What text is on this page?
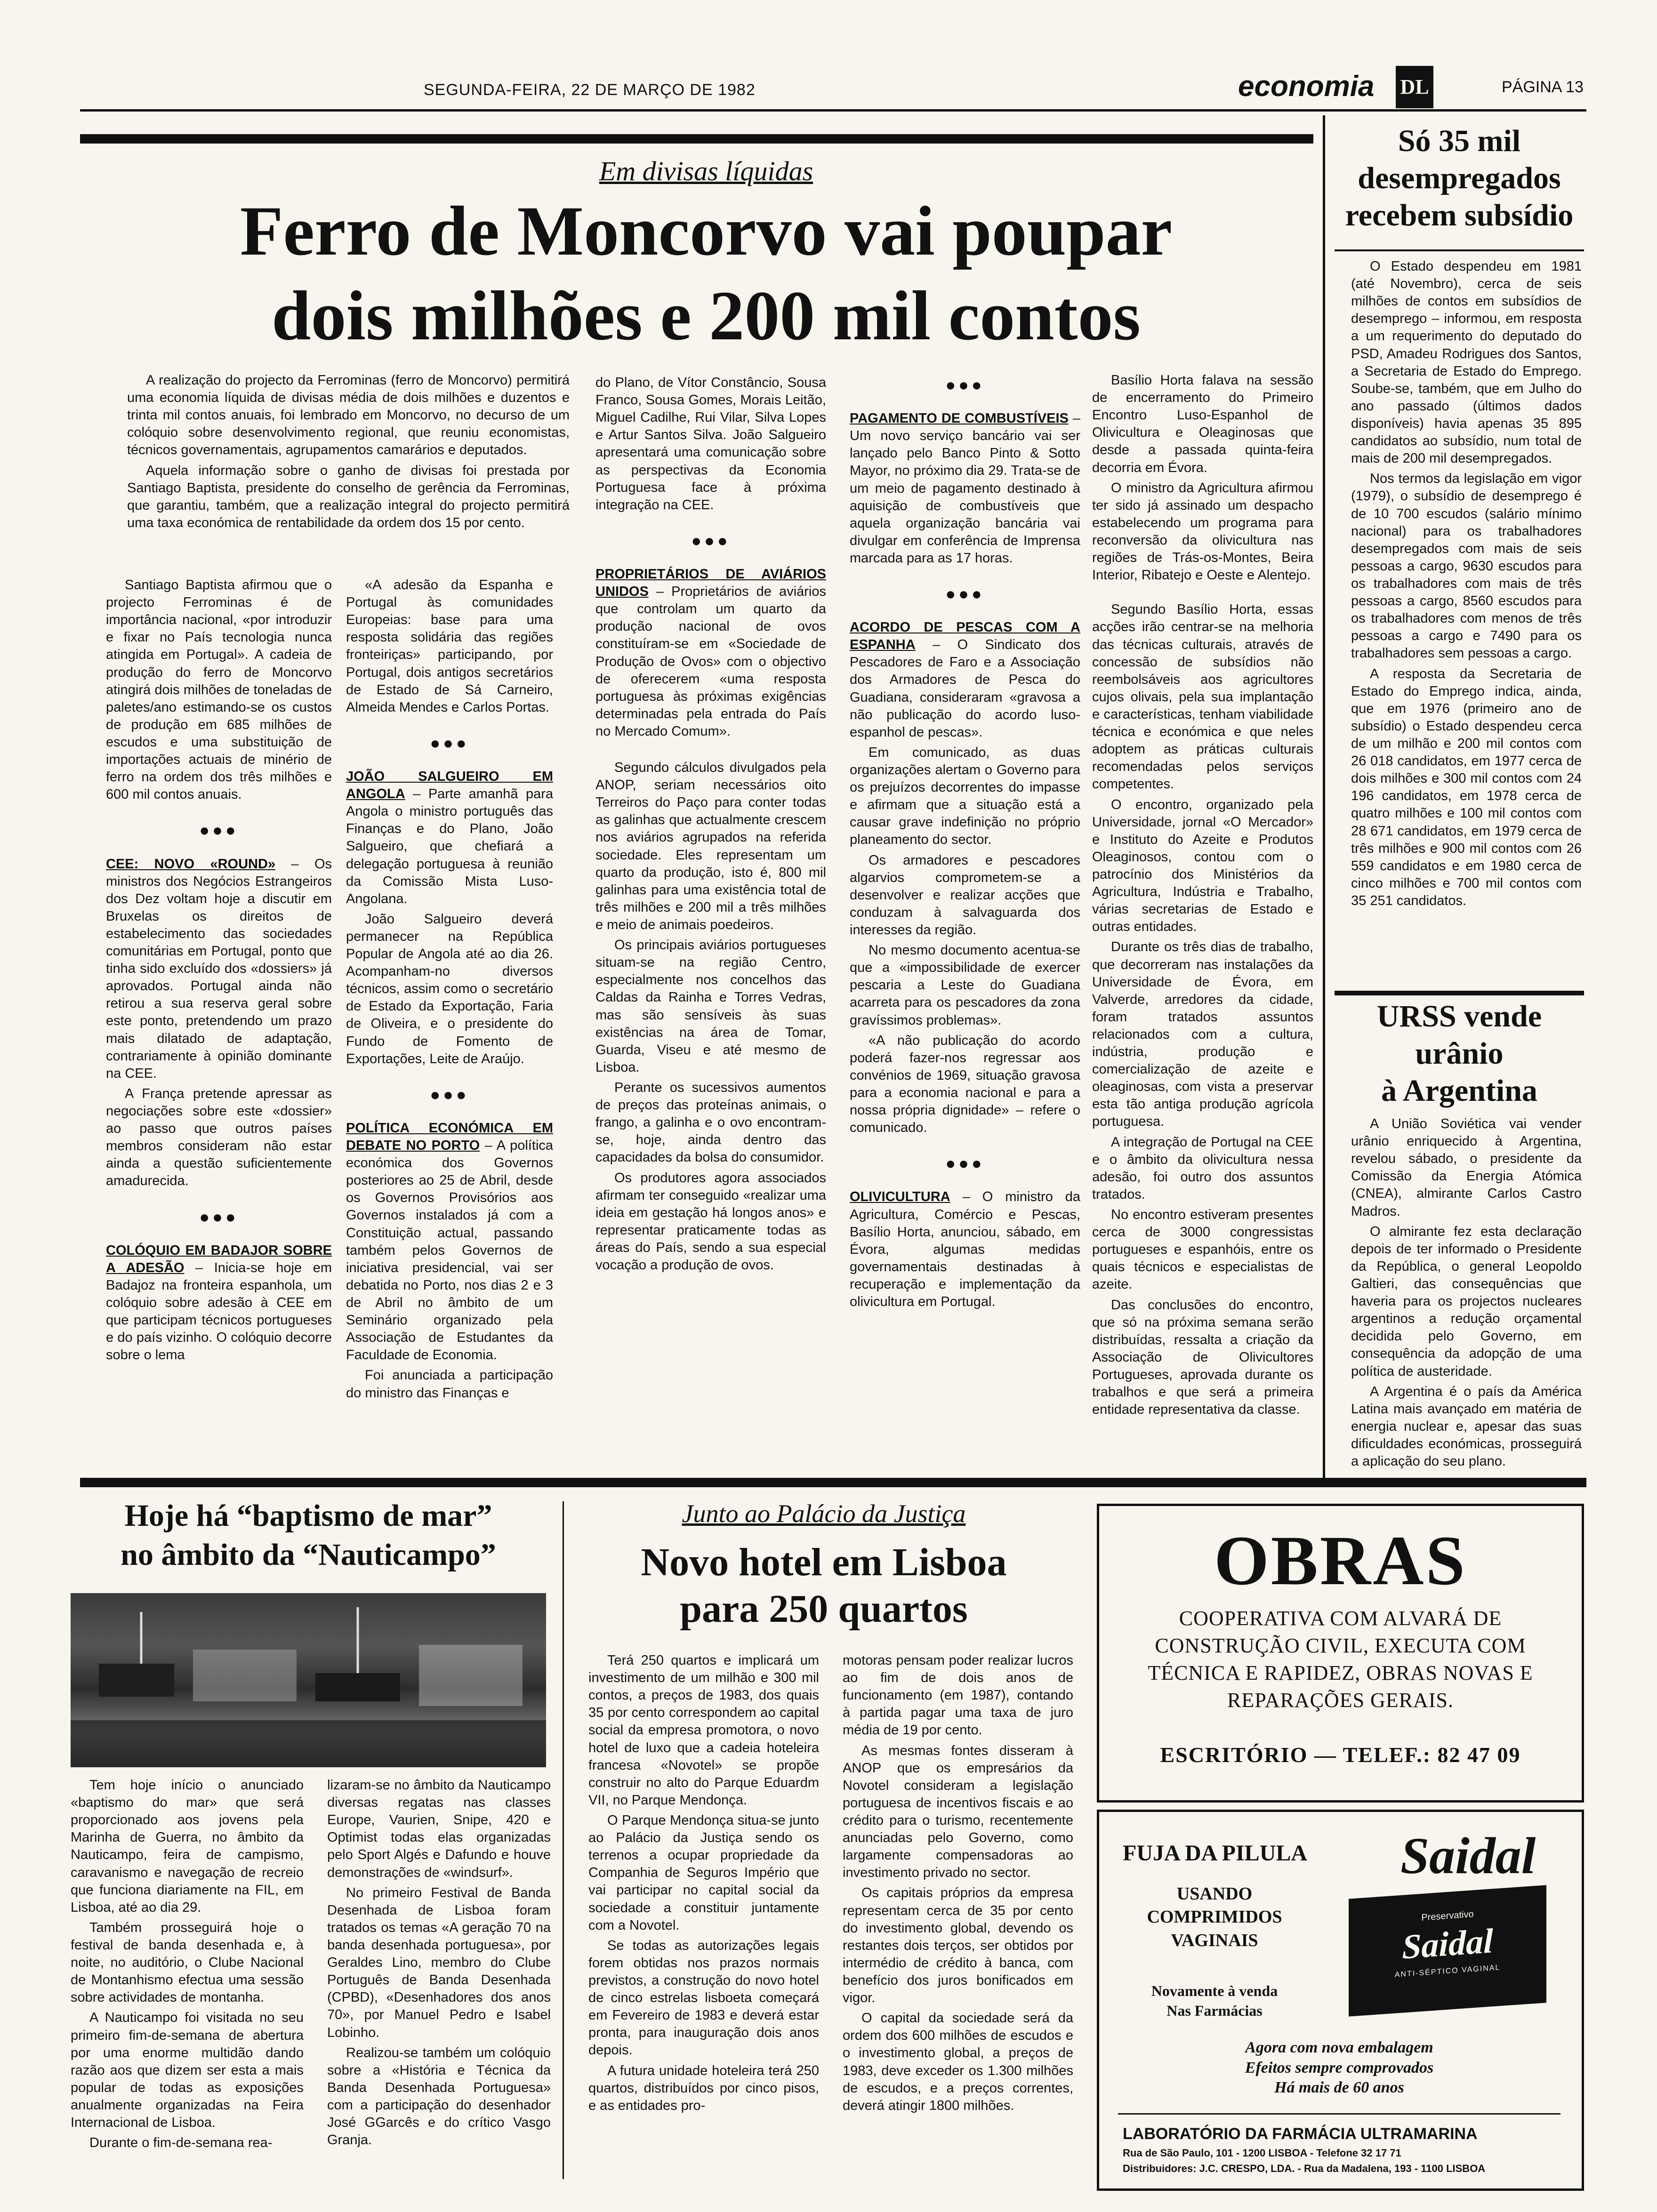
SEGUNDA-FEIRA, 22 DE MARÇO DE 1982	economia DL	PÁGINA 13
Em divisas líquidas
Ferro de Moncorvo vai poupar
dois milhões e 200 mil contos

A realização do projecto da Ferrominas (ferro de Moncorvo) permitirá uma economia líquida de divisas média de dois milhões e duzentos e trinta mil contos anuais, foi lembrado em Moncorvo, no decurso de um colóquio sobre desenvolvimento regional, que reuniu economistas, técnicos governamentais, agrupamentos camarários e deputados.

Aquela informação sobre o ganho de divisas foi prestada por Santiago Baptista, presidente do conselho de gerência da Ferrominas, que garantiu, também, que a realização integral do projecto permitirá uma taxa económica de rentabilidade da ordem dos 15 por cento.

Santiago Baptista afirmou que o projecto Ferrominas é de importância nacional, «por introduzir e fixar no País tecnologia nunca atingida em Portugal». A cadeia de produção do ferro de Moncorvo atingirá dois milhões de toneladas de paletes/ano estimando-se os custos de produção em 685 milhões de escudos e uma substituição de importações actuais de minério de ferro na ordem dos três milhões e 600 mil contos anuais.

●●●

CEE: NOVO «ROUND» – Os ministros dos Negócios Estrangeiros dos Dez voltam hoje a discutir em Bruxelas os direitos de estabelecimento das sociedades comunitárias em Portugal, ponto que tinha sido excluído dos «dossiers» já aprovados. Portugal ainda não retirou a sua reserva geral sobre este ponto, pretendendo um prazo mais dilatado de adaptação, contrariamente à opinião dominante na CEE.

A França pretende apressar as negociações sobre este «dossier» ao passo que outros países membros consideram não estar ainda a questão suficientemente amadurecida.

●●●

COLÓQUIO EM BADAJOR SOBRE A ADESÃO – Inicia-se hoje em Badajoz na fronteira espanhola, um colóquio sobre adesão à CEE em que participam técnicos portugueses e do país vizinho. O colóquio decorre sobre o lema

«A adesão da Espanha e Portugal às comunidades Europeias: base para uma resposta solidária das regiões fronteiriças» participando, por Portugal, dois antigos secretários de Estado de Sá Carneiro, Almeida Mendes e Carlos Portas.

●●●

JOÃO SALGUEIRO EM ANGOLA – Parte amanhã para Angola o ministro português das Finanças e do Plano, João Salgueiro, que chefiará a delegação portuguesa à reunião da Comissão Mista Luso-Angolana.

João Salgueiro deverá permanecer na República Popular de Angola até ao dia 26. Acompanham-no diversos técnicos, assim como o secretário de Estado da Exportação, Faria de Oliveira, e o presidente do Fundo de Fomento de Exportações, Leite de Araújo.

●●●

POLÍTICA ECONÓMICA EM DEBATE NO PORTO – A política económica dos Governos posteriores ao 25 de Abril, desde os Governos Provisórios aos Governos instalados já com a Constituição actual, passando também pelos Governos de iniciativa presidencial, vai ser debatida no Porto, nos dias 2 e 3 de Abril no âmbito de um Seminário organizado pela Associação de Estudantes da Faculdade de Economia.

Foi anunciada a participação do ministro das Finanças e

do Plano, de Vítor Constâncio, Sousa Franco, Sousa Gomes, Morais Leitão, Miguel Cadilhe, Rui Vilar, Silva Lopes e Artur Santos Silva. João Salgueiro apresentará uma comunicação sobre as perspectivas da Economia Portuguesa face à próxima integração na CEE.

●●●

PROPRIETÁRIOS DE AVIÁRIOS UNIDOS – Proprietários de aviários que controlam um quarto da produção nacional de ovos constituíram-se em «Sociedade de Produção de Ovos» com o objectivo de oferecerem «uma resposta portuguesa às próximas exigências determinadas pela entrada do País no Mercado Comum».

Segundo cálculos divulgados pela ANOP, seriam necessários oito Terreiros do Paço para conter todas as galinhas que actualmente crescem nos aviários agrupados na referida sociedade. Eles representam um quarto da produção, isto é, 800 mil galinhas para uma existência total de três milhões e 200 mil a três milhões e meio de animais poedeiros.

Os principais aviários portugueses situam-se na região Centro, especialmente nos concelhos das Caldas da Rainha e Torres Vedras, mas são sensíveis às suas existências na área de Tomar, Guarda, Viseu e até mesmo de Lisboa.

Perante os sucessivos aumentos de preços das proteínas animais, o frango, a galinha e o ovo encontram-se, hoje, ainda dentro das capacidades da bolsa do consumidor.

Os produtores agora associados afirmam ter conseguido «realizar uma ideia em gestação há longos anos» e representar praticamente todas as áreas do País, sendo a sua especial vocação a produção de ovos.

●●●

PAGAMENTO DE COMBUSTÍVEIS – Um novo serviço bancário vai ser lançado pelo Banco Pinto & Sotto Mayor, no próximo dia 29. Trata-se de um meio de pagamento destinado à aquisição de combustíveis que aquela organização bancária vai divulgar em conferência de Imprensa marcada para as 17 horas.

●●●

ACORDO DE PESCAS COM A ESPANHA – O Sindicato dos Pescadores de Faro e a Associação dos Armadores de Pesca do Guadiana, consideraram «gravosa a não publicação do acordo luso-espanhol de pescas».

Em comunicado, as duas organizações alertam o Governo para os prejuízos decorrentes do impasse e afirmam que a situação está a causar grave indefinição no próprio planeamento do sector.

Os armadores e pescadores algarvios comprometem-se a desenvolver e realizar acções que conduzam à salvaguarda dos interesses da região.

No mesmo documento acentua-se que a «impossibilidade de exercer pescaria a Leste do Guadiana acarreta para os pescadores da zona gravíssimos problemas».

«A não publicação do acordo poderá fazer-nos regressar aos convénios de 1969, situação gravosa para a economia nacional e para a nossa própria dignidade» – refere o comunicado.

●●●

OLIVICULTURA – O ministro da Agricultura, Comércio e Pescas, Basílio Horta, anunciou, sábado, em Évora, algumas medidas governamentais destinadas à recuperação e implementação da olivicultura em Portugal.

Basílio Horta falava na sessão de encerramento do Primeiro Encontro Luso-Espanhol de Olivicultura e Oleaginosas que desde a passada quinta-feira decorria em Évora.

O ministro da Agricultura afirmou ter sido já assinado um despacho estabelecendo um programa para reconversão da olivicultura nas regiões de Trás-os-Montes, Beira Interior, Ribatejo e Oeste e Alentejo.

Segundo Basílio Horta, essas acções irão centrar-se na melhoria das técnicas culturais, através de concessão de subsídios não reembolsáveis aos agricultores cujos olivais, pela sua implantação e características, tenham viabilidade técnica e económica e que neles adoptem as práticas culturais recomendadas pelos serviços competentes.

O encontro, organizado pela Universidade, jornal «O Mercador» e Instituto do Azeite e Produtos Oleaginosos, contou com o patrocínio dos Ministérios da Agricultura, Indústria e Trabalho, várias secretarias de Estado e outras entidades.

Durante os três dias de trabalho, que decorreram nas instalações da Universidade de Évora, em Valverde, arredores da cidade, foram tratados assuntos relacionados com a cultura, indústria, produção e comercialização de azeite e oleaginosas, com vista a preservar esta tão antiga produção agrícola portuguesa.

A integração de Portugal na CEE e o âmbito da olivicultura nessa adesão, foi outro dos assuntos tratados.

No encontro estiveram presentes cerca de 3000 congressistas portugueses e espanhóis, entre os quais técnicos e especialistas de azeite.

Das conclusões do encontro, que só na próxima semana serão distribuídas, ressalta a criação da Associação de Olivicultores Portugueses, aprovada durante os trabalhos e que será a primeira entidade representativa da classe.

Só 35 mil
desempregados
recebem subsídio

O Estado despendeu em 1981 (até Novembro), cerca de seis milhões de contos em subsídios de desemprego – informou, em resposta a um requerimento do deputado do PSD, Amadeu Rodrigues dos Santos, a Secretaria de Estado do Emprego. Soube-se, também, que em Julho do ano passado (últimos dados disponíveis) havia apenas 35 895 candidatos ao subsídio, num total de mais de 200 mil desempregados.

Nos termos da legislação em vigor (1979), o subsídio de desemprego é de 10 700 escudos (salário mínimo nacional) para os trabalhadores desempregados com mais de seis pessoas a cargo, 9630 escudos para os trabalhadores com mais de três pessoas a cargo, 8560 escudos para os trabalhadores com menos de três pessoas a cargo e 7490 para os trabalhadores sem pessoas a cargo.

A resposta da Secretaria de Estado do Emprego indica, ainda, que em 1976 (primeiro ano de subsídio) o Estado despendeu cerca de um milhão e 200 mil contos com 26 018 candidatos, em 1977 cerca de dois milhões e 300 mil contos com 24 196 candidatos, em 1978 cerca de quatro milhões e 100 mil contos com 28 671 candidatos, em 1979 cerca de três milhões e 900 mil contos com 26 559 candidatos e em 1980 cerca de cinco milhões e 700 mil contos com 35 251 candidatos.

URSS vende
urânio
à Argentina

A União Soviética vai vender urânio enriquecido à Argentina, revelou sábado, o presidente da Comissão da Energia Atómica (CNEA), almirante Carlos Castro Madros.

O almirante fez esta declaração depois de ter informado o Presidente da República, o general Leopoldo Galtieri, das consequências que haveria para os projectos nucleares argentinos a redução orçamental decidida pelo Governo, em consequência da adopção de uma política de austeridade.

A Argentina é o país da América Latina mais avançado em matéria de energia nuclear e, apesar das suas dificuldades económicas, prosseguirá a aplicação do seu plano.

Hoje há “baptismo de mar”
no âmbito da “Nauticampo”

Tem hoje início o anunciado «baptismo do mar» que será proporcionado aos jovens pela Marinha de Guerra, no âmbito da Nauticampo, feira de campismo, caravanismo e navegação de recreio que funciona diariamente na FIL, em Lisboa, até ao dia 29.

Também prosseguirá hoje o festival de banda desenhada e, à noite, no auditório, o Clube Nacional de Montanhismo efectua uma sessão sobre actividades de montanha.

A Nauticampo foi visitada no seu primeiro fim-de-semana de abertura por uma enorme multidão dando razão aos que dizem ser esta a mais popular de todas as exposições anualmente organizadas na Feira Internacional de Lisboa.

Durante o fim-de-semana rea-

lizaram-se no âmbito da Nauticampo diversas regatas nas classes Europe, Vaurien, Snipe, 420 e Optimist todas elas organizadas pelo Sport Algés e Dafundo e houve demonstrações de «windsurf».

No primeiro Festival de Banda Desenhada de Lisboa foram tratados os temas «A geração 70 na banda desenhada portuguesa», por Geraldes Lino, membro do Clube Português de Banda Desenhada (CPBD), «Desenhadores dos anos 70», por Manuel Pedro e Isabel Lobinho.

Realizou-se também um colóquio sobre a «História e Técnica da Banda Desenhada Portuguesa» com a participação do desenhador José GGarcês e do crítico Vasgo Granja.

Junto ao Palácio da Justiça
Novo hotel em Lisboa
para 250 quartos

Terá 250 quartos e implicará um investimento de um milhão e 300 mil contos, a preços de 1983, dos quais 35 por cento correspondem ao capital social da empresa promotora, o novo hotel de luxo que a cadeia hoteleira francesa «Novotel» se propõe construir no alto do Parque Eduardm VII, no Parque Mendonça.

O Parque Mendonça situa-se junto ao Palácio da Justiça sendo os terrenos a ocupar propriedade da Companhia de Seguros Império que vai participar no capital social da sociedade a constituir juntamente com a Novotel.

Se todas as autorizações legais forem obtidas nos prazos normais previstos, a construção do novo hotel de cinco estrelas lisboeta começará em Fevereiro de 1983 e deverá estar pronta, para inauguração dois anos depois.

A futura unidade hoteleira terá 250 quartos, distribuídos por cinco pisos, e as entidades pro-

motoras pensam poder realizar lucros ao fim de dois anos de funcionamento (em 1987), contando à partida pagar uma taxa de juro média de 19 por cento.

As mesmas fontes disseram à ANOP que os empresários da Novotel consideram a legislação portuguesa de incentivos fiscais e ao crédito para o turismo, recentemente anunciadas pelo Governo, como largamente compensadoras ao investimento privado no sector.

Os capitais próprios da empresa representam cerca de 35 por cento do investimento global, devendo os restantes dois terços, ser obtidos por intermédio de crédito à banca, com benefício dos juros bonificados em vigor.

O capital da sociedade será da ordem dos 600 milhões de escudos e o investimento global, a preços de 1983, deve exceder os 1.300 milhões de escudos, e a preços correntes, deverá atingir 1800 milhões.

OBRAS
COOPERATIVA COM ALVARÁ DE
CONSTRUÇÃO CIVIL, EXECUTA COM
TÉCNICA E RAPIDEZ, OBRAS NOVAS E
REPARAÇÕES GERAIS.
ESCRITÓRIO — TELEF.: 82 47 09
FUJA DA PILULA Saidal
USANDO
COMPRIMIDOS
VAGINAIS
Novamente à venda
Nas Farmácias
Preservativo
Saidal
ANTI-SÉPTICO VAGINAL
Agora com nova embalagem
Efeitos sempre comprovados
Há mais de 60 anos
LABORATÓRIO DA FARMÁCIA ULTRAMARINA
Rua de São Paulo, 101 - 1200 LISBOA - Telefone 32 17 71
Distribuidores: J.C. CRESPO, LDA. - Rua da Madalena, 193 - 1100 LISBOA
